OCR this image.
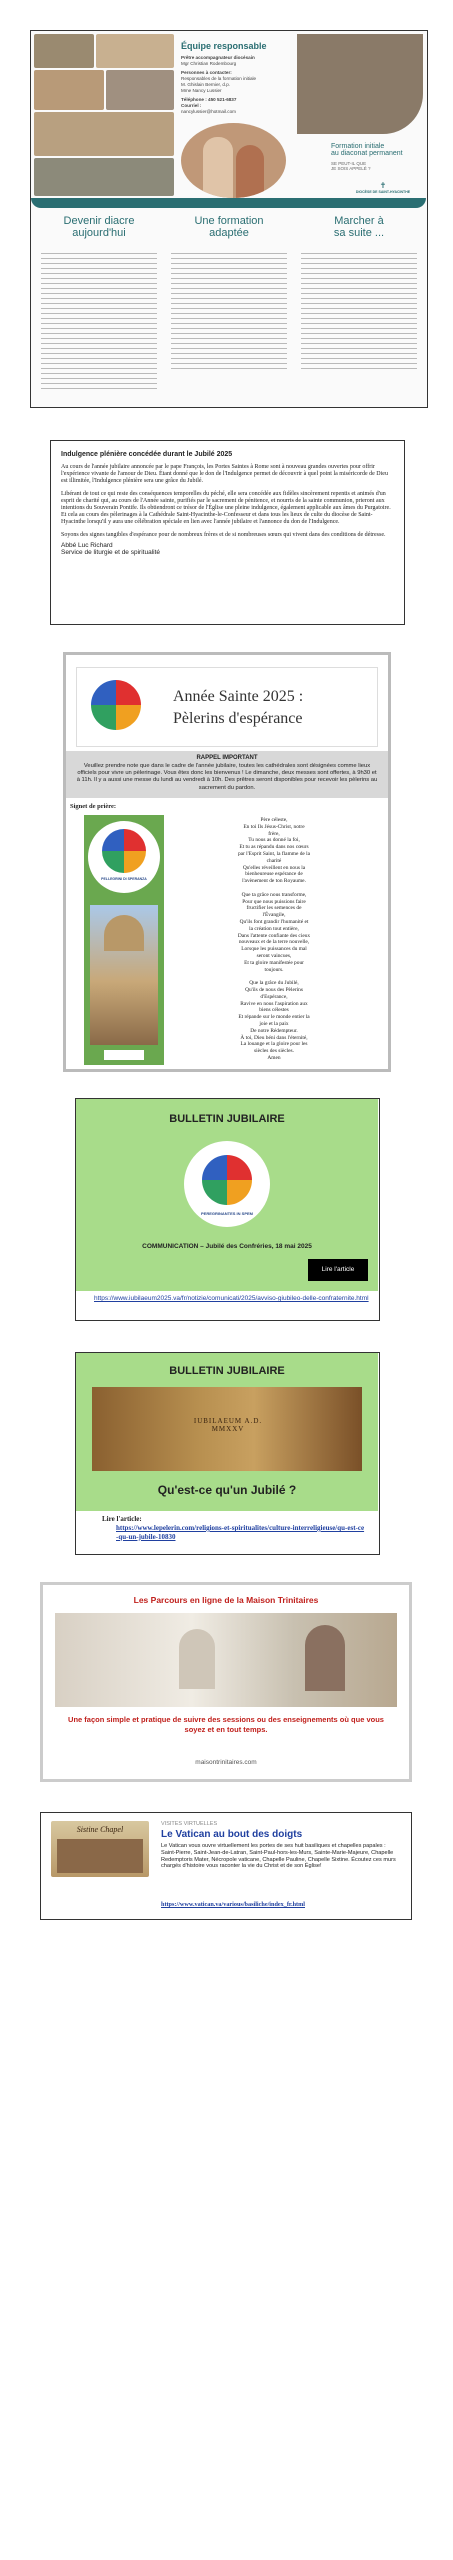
Équipe responsable
Prêtre accompagnateur diocésain
Mgr Christian Rodembourg
Personnes à contacter:
Responsables de la formation initiale
M. Ghislain Bernier, d.p.
Mme Nancy Lussier
Téléphone : 450 521-6837
Courriel :
nancylussier@hotmail.com
Formation initiale
au diaconat permanent
SE PEUT-IL QUE
JE SOIS APPELÉ ?
✝
DIOCÈSE DE SAINT-HYACINTHE
Devenir diacre
aujourd'hui
Une formation
adaptée
Marcher à
sa suite ...
Indulgence plénière concédée durant le Jubilé 2025
Au cours de l'année jubilaire annoncée par le pape François, les Portes Saintes à Rome sont à nouveau grandes ouvertes pour offrir l'expérience vivante de l'amour de Dieu. Étant donné que le don de l'Indulgence permet de découvrir à quel point la miséricorde de Dieu est illimitée, l'Indulgence plénière sera une grâce du Jubilé.
Libérant de tout ce qui reste des conséquences temporelles du péché, elle sera concédée aux fidèles sincèrement repentis et animés d'un esprit de charité qui, au cours de l'Année sainte, purifiés par le sacrement de pénitence, et nourris de la sainte communion, prieront aux intentions du Souverain Pontife. Ils obtiendront ce trésor de l'Église une pleine indulgence, également applicable aux âmes du Purgatoire. Et cela au cours des pèlerinages à la Cathédrale Saint-Hyacinthe-le-Confesseur et dans tous les lieux de culte du diocèse de Saint-Hyacinthe lorsqu'il y aura une célébration spéciale en lien avec l'année jubilaire et l'annonce du don de l'Indulgence.
Soyons des signes tangibles d'espérance pour de nombreux frères et de si nombreuses sœurs qui vivent dans des conditions de détresse.
Abbé Luc Richard
Service de liturgie et de spiritualité
Année Sainte 2025 :
Pèlerins d'espérance
RAPPEL IMPORTANT
Veuillez prendre note que dans le cadre de l'année jubilaire, toutes les cathédrales sont désignées comme lieux officiels pour vivre un pèlerinage. Vous êtes donc les bienvenus ! Le dimanche, deux messes sont offertes, à 9h30 et à 11h. Il y a aussi une messe du lundi au vendredi à 10h. Des prêtres seront disponibles pour recevoir les pèlerins au sacrement du pardon.
Signet de prière:
PELLEGRINI DI SPERANZA
Père céleste,
En toi Ils Jésus-Christ, notre
frère,
Tu nous as donné la foi,
Et tu as répandu dans nos cœurs
par l'Esprit Saint, la flamme de la
charité
Qu'elles réveillent en nous la
bienheureuse espérance de
l'avènement de ton Royaume.

Que ta grâce nous transforme,
Pour que nous puissions faire
fructifier les semences de
l'Évangile,
Qu'ils font grandir l'humanité et
la création tout entière,
Dans l'attente confiante des cieux
nouveaux et de la terre nouvelle,
Lorsque les puissances du mal
seront vaincues,
Et ta gloire manifestée pour
toujours.

Que la grâce du Jubilé,
Qu'ils de nous des Pèlerins
d'Espérance,
Ravive en nous l'aspiration aux
biens célestes
Et répande sur le monde entier la
joie et la paix
De notre Rédempteur.
À toi, Dieu béni dans l'éternité,
La louange et la gloire pour les
siècles des siècles.
Amen
BULLETIN JUBILAIRE
PEREGRINANTES IN SPEM
COMMUNICATION – Jubilé des Confréries, 18 mai 2025
Lire l'article
https://www.iubilaeum2025.va/fr/notizie/comunicati/2025/avviso-giubileo-delle-confraternite.html
BULLETIN JUBILAIRE
IUBILAEUM A.D. MMXXV
Qu'est-ce qu'un Jubilé ?
Lire l'article:
https://www.lepelerin.com/religions-et-spiritualites/culture-interreligieuse/qu-est-ce-qu-un-jubile-10830
Les Parcours en ligne de la Maison Trinitaires
Une façon simple et pratique de suivre des sessions ou des enseignements où que vous soyez et en tout temps.
maisontrinitaires.com
Sistine Chapel
VISITES VIRTUELLES
Le Vatican au bout des doigts
Le Vatican vous ouvre virtuellement les portes de ses huit basiliques et chapelles papales : Saint-Pierre, Saint-Jean-de-Latran, Saint-Paul-hors-les-Murs, Sainte-Marie-Majeure, Chapelle Redemptoris Mater, Nécropole vaticane, Chapelle Pauline, Chapelle Sixtine. Écoutez ces murs chargés d'histoire vous raconter la vie du Christ et de son Église!
https://www.vatican.va/various/basiliche/index_fr.html
